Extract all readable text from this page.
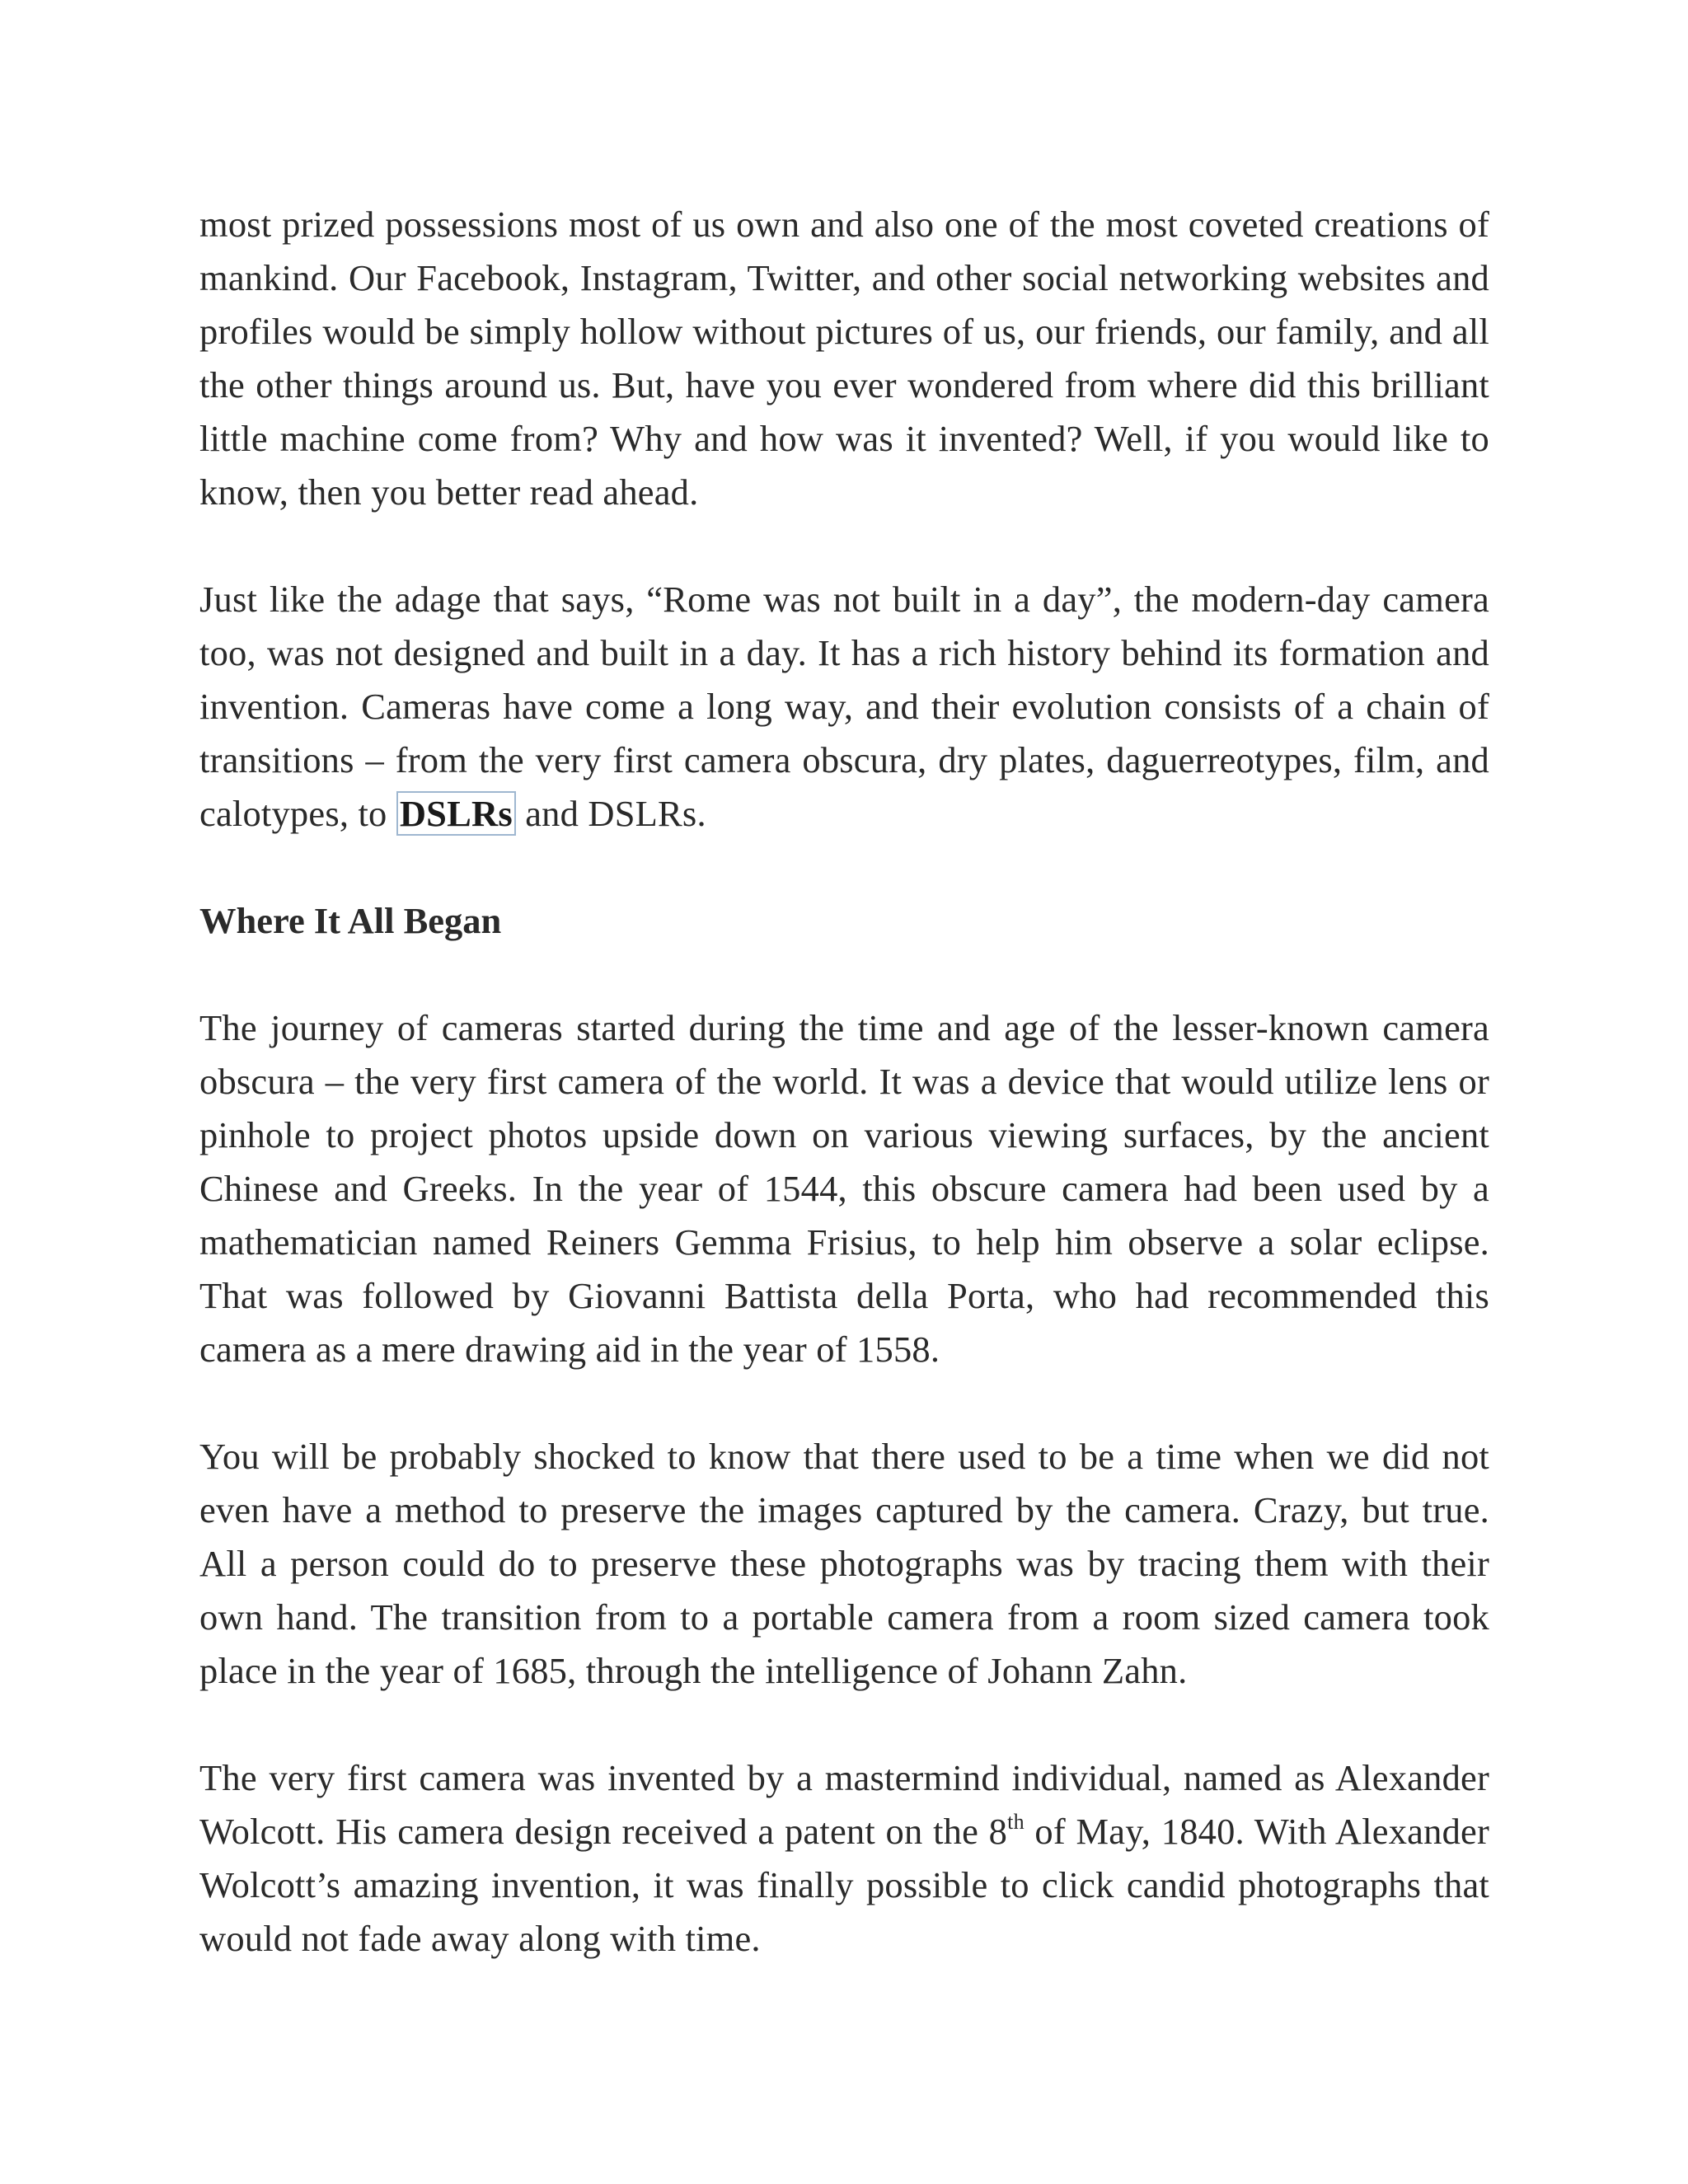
most prized possessions most of us own and also one of the most coveted creations of mankind. Our Facebook, Instagram, Twitter, and other social networking websites and profiles would be simply hollow without pictures of us, our friends, our family, and all the other things around us. But, have you ever wondered from where did this brilliant little machine come from? Why and how was it invented? Well, if you would like to know, then you better read ahead.

Just like the adage that says, “Rome was not built in a day”, the modern-day camera too, was not designed and built in a day. It has a rich history behind its formation and invention. Cameras have come a long way, and their evolution consists of a chain of transitions – from the very first camera obscura, dry plates, daguerreotypes, film, and calotypes, to DSLRs and DSLRs.

Where It All Began

The journey of cameras started during the time and age of the lesser-known camera obscura – the very first camera of the world. It was a device that would utilize lens or pinhole to project photos upside down on various viewing surfaces, by the ancient Chinese and Greeks. In the year of 1544, this obscure camera had been used by a mathematician named Reiners Gemma Frisius, to help him observe a solar eclipse. That was followed by Giovanni Battista della Porta, who had recommended this camera as a mere drawing aid in the year of 1558.

You will be probably shocked to know that there used to be a time when we did not even have a method to preserve the images captured by the camera. Crazy, but true. All a person could do to preserve these photographs was by tracing them with their own hand. The transition from to a portable camera from a room sized camera took place in the year of 1685, through the intelligence of Johann Zahn.

The very first camera was invented by a mastermind individual, named as Alexander Wolcott. His camera design received a patent on the 8th of May, 1840. With Alexander Wolcott’s amazing invention, it was finally possible to click candid photographs that would not fade away along with time.
